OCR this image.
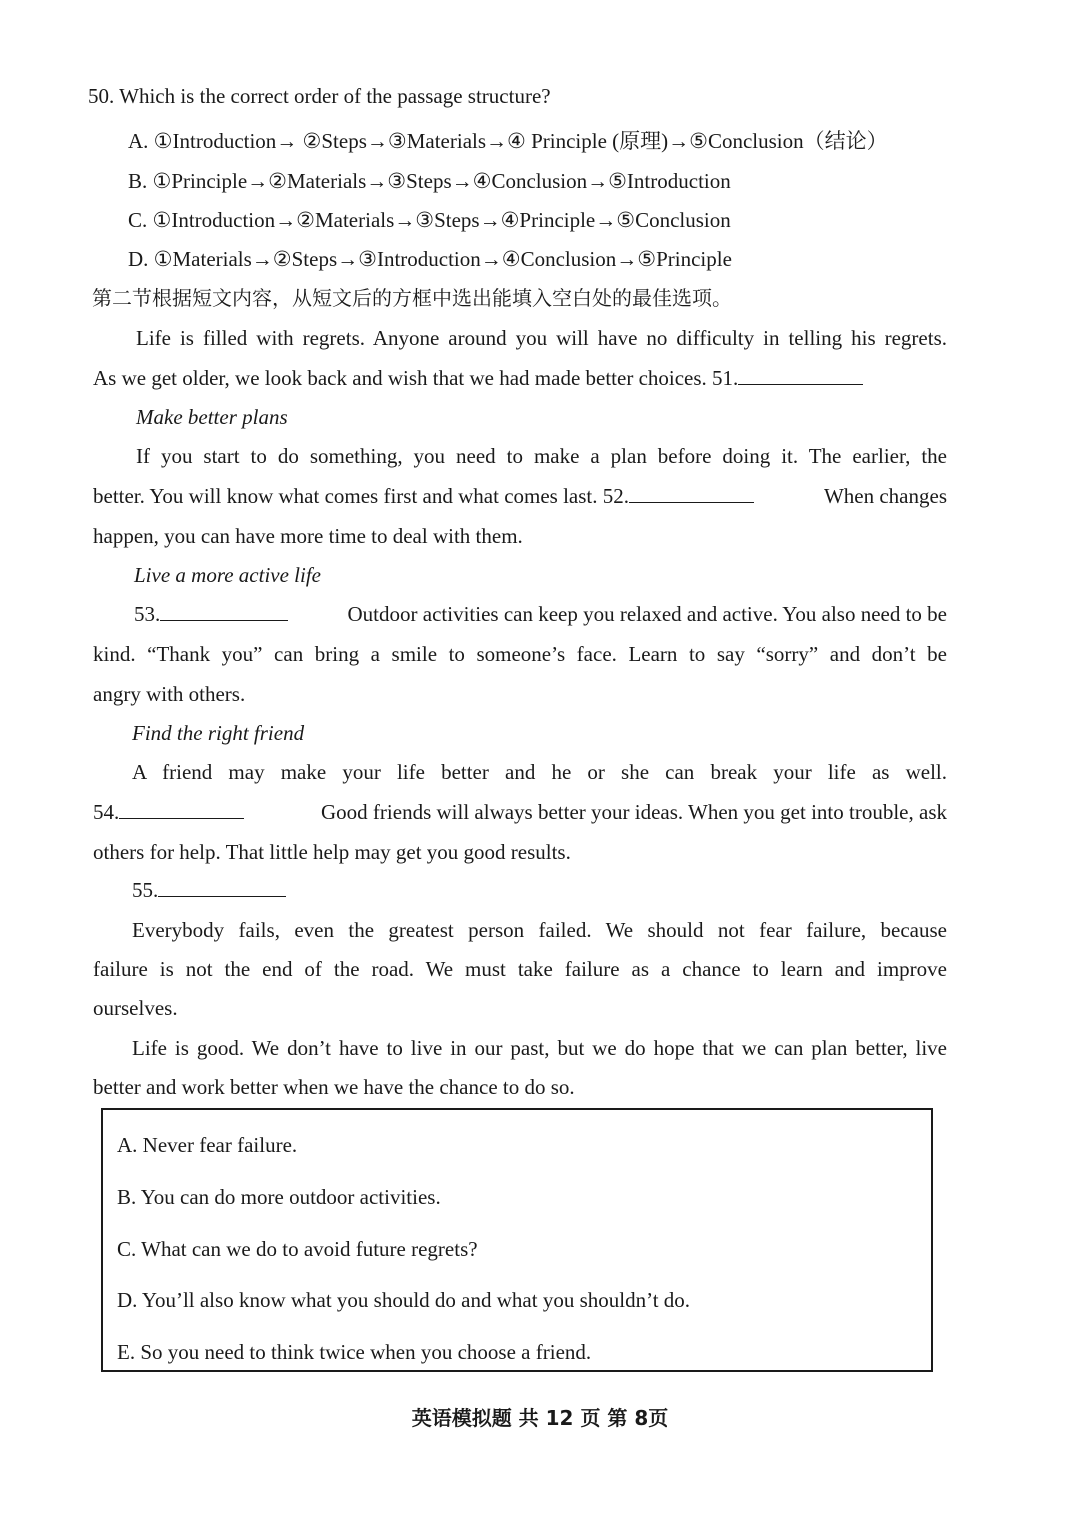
50. Which is the correct order of the passage structure?
A. ①Introduction→ ②Steps→③Materials→④ Principle (原理)→⑤Conclusion（结论）
B. ①Principle→②Materials→③Steps→④Conclusion→⑤Introduction
C. ①Introduction→②Materials→③Steps→④Principle→⑤Conclusion
D. ①Materials→②Steps→③Introduction→④Conclusion→⑤Principle
第二节根据短文内容，从短文后的方框中选出能填入空白处的最佳选项。
Life is filled with regrets. Anyone around you will have no difficulty in telling his regrets.
As we get older, we look back and wish that we had made better choices. 51.
Make better plans
If you start to do something, you need to make a plan before doing it. The earlier, the
better. You will know what comes first and what comes last. 52.	When changes
happen, you can have more time to deal with them.
Live a more active life
53.	Outdoor activities can keep you relaxed and active. You also need to be
kind. “Thank you” can bring a smile to someone’s face. Learn to say “sorry” and don’t be
angry with others.
Find the right friend
A friend may make your life better and he or she can break your life as well.
54.	Good friends will always better your ideas. When you get into trouble, ask
others for help. That little help may get you good results.
55.
Everybody fails, even the greatest person failed. We should not fear failure, because
failure is not the end of the road. We must take failure as a chance to learn and improve
ourselves.
Life is good. We don’t have to live in our past, but we do hope that we can plan better, live
better and work better when we have the chance to do so.
A. Never fear failure.
B. You can do more outdoor activities.
C. What can we do to avoid future regrets?
D. You’ll also know what you should do and what you shouldn’t do.
E. So you need to think twice when you choose a friend.
英语模拟题 共 12 页 第 8页
